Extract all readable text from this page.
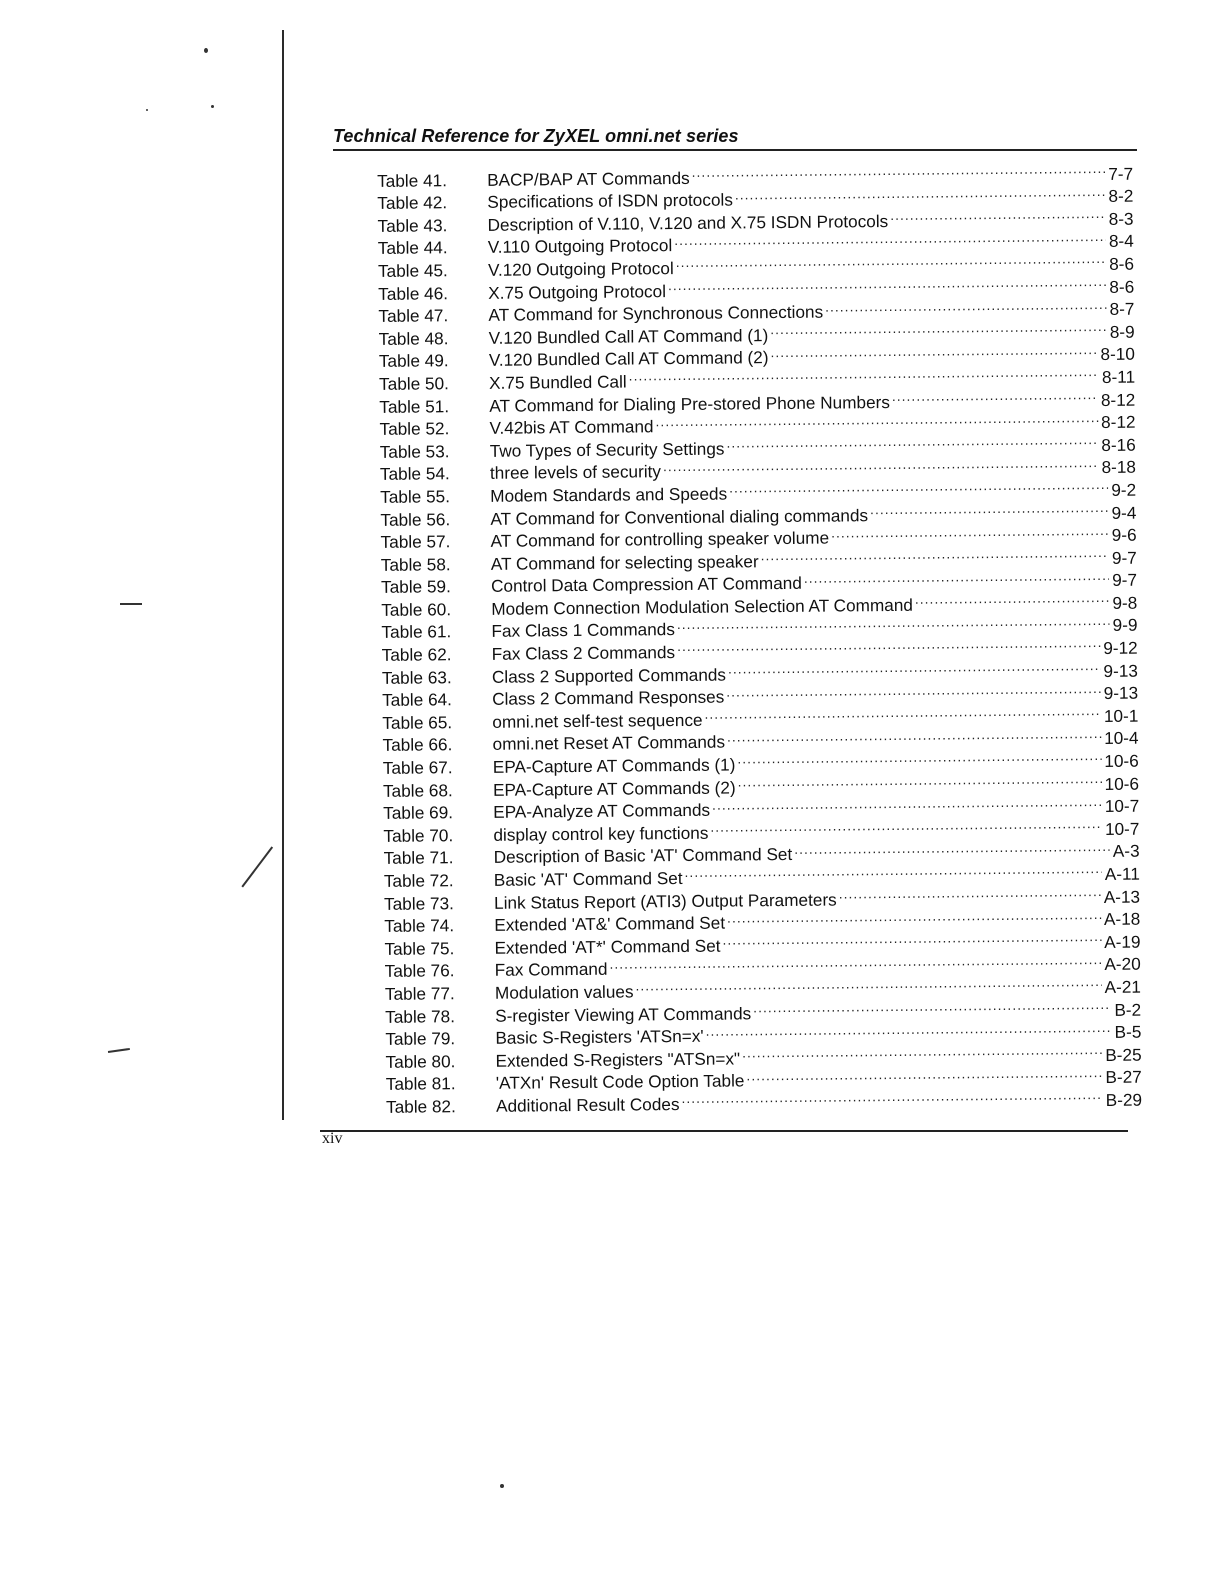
Technical Reference for ZyXEL omni.net series
Table 41.	BACP/BAP AT Commands .....	7-7
Table 42.	Specifications of ISDN protocols .....	8-2
Table 43.	Description of V.110, V.120 and X.75 ISDN Protocols .....	8-3
Table 44.	V.110 Outgoing Protocol .....	8-4
Table 45.	V.120 Outgoing Protocol .....	8-6
Table 46.	X.75 Outgoing Protocol .....	8-6
Table 47.	AT Command for Synchronous Connections .....	8-7
Table 48.	V.120 Bundled Call AT Command (1) .....	8-9
Table 49.	V.120 Bundled Call AT Command (2) .....	8-10
Table 50.	X.75 Bundled Call .....	8-11
Table 51.	AT Command for Dialing Pre-stored Phone Numbers .....	8-12
Table 52.	V.42bis AT Command .....	8-12
Table 53.	Two Types of Security Settings .....	8-16
Table 54.	three levels of security .....	8-18
Table 55.	Modem Standards and Speeds .....	9-2
Table 56.	AT Command for Conventional dialing commands .....	9-4
Table 57.	AT Command for controlling speaker volume .....	9-6
Table 58.	AT Command for selecting speaker .....	9-7
Table 59.	Control Data Compression AT Command .....	9-7
Table 60.	Modem Connection Modulation Selection AT Command .....	9-8
Table 61.	Fax Class 1 Commands .....	9-9
Table 62.	Fax Class 2 Commands .....	9-12
Table 63.	Class 2 Supported Commands .....	9-13
Table 64.	Class 2 Command Responses .....	9-13
Table 65.	omni.net self-test sequence .....	10-1
Table 66.	omni.net Reset AT Commands .....	10-4
Table 67.	EPA-Capture AT Commands (1) .....	10-6
Table 68.	EPA-Capture AT Commands (2) .....	10-6
Table 69.	EPA-Analyze AT Commands .....	10-7
Table 70.	display control key functions .....	10-7
Table 71.	Description of Basic 'AT' Command Set .....	A-3
Table 72.	Basic 'AT' Command Set .....	A-11
Table 73.	Link Status Report (ATI3) Output Parameters .....	A-13
Table 74.	Extended 'AT&' Command Set .....	A-18
Table 75.	Extended 'AT*' Command Set .....	A-19
Table 76.	Fax Command .....	A-20
Table 77.	Modulation values .....	A-21
Table 78.	S-register Viewing AT Commands .....	B-2
Table 79.	Basic S-Registers 'ATSn=x' .....	B-5
Table 80.	Extended S-Registers "ATSn=x" .....	B-25
Table 81.	'ATXn' Result Code Option Table .....	B-27
Table 82.	Additional Result Codes .....	B-29
xiv
